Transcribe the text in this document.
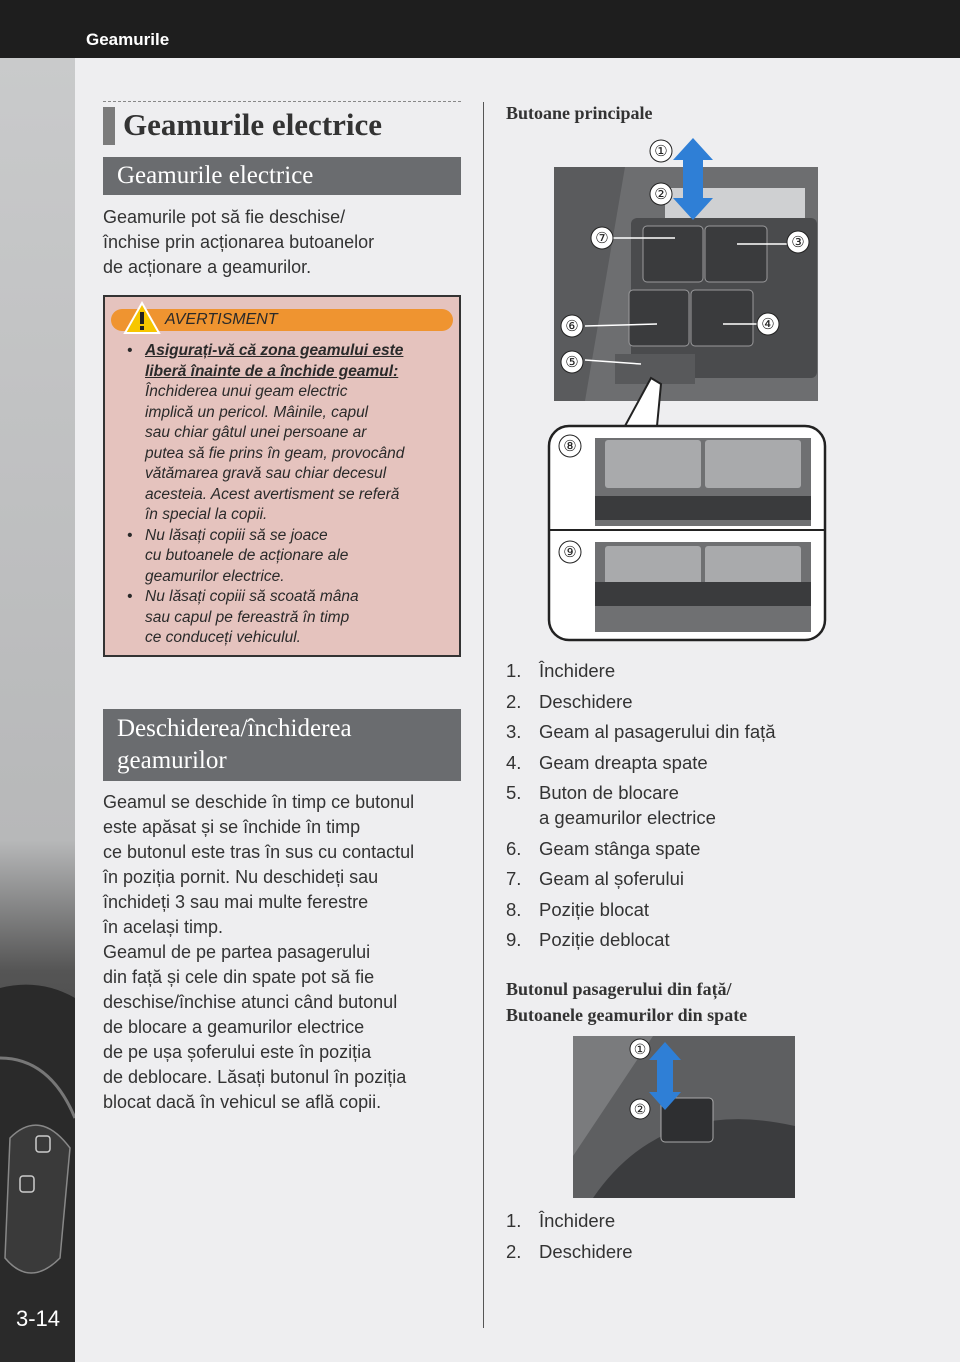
Geamurile
3-14
Geamurile electrice
Geamurile electrice
Geamurile pot să fie deschise/
închise prin acționarea butoanelor
de acționare a geamurilor.
AVERTISMENT
• Asigurați-vă că zona geamului este
liberă înainte de a închide geamul:
Închiderea unui geam electric
implică un pericol. Mâinile, capul
sau chiar gâtul unei persoane ar
putea să fie prins în geam, provocând
vătămarea gravă sau chiar decesul
acesteia. Acest avertisment se referă
în special la copii.
• Nu lăsați copiii să se joace
cu butoanele de acționare ale
geamurilor electrice.
• Nu lăsați copiii să scoată mâna
sau capul pe fereastră în timp
ce conduceți vehiculul.
Deschiderea/închiderea
geamurilor
Geamul se deschide în timp ce butonul
este apăsat și se închide în timp
ce butonul este tras în sus cu contactul
în poziția pornit. Nu deschideți sau
închideți 3 sau mai multe ferestre
în același timp.
Geamul de pe partea pasagerului
din față și cele din spate pot să fie
deschise/închise atunci când butonul
de blocare a geamurilor electrice
de pe ușa șoferului este în poziția
de deblocare. Lăsați butonul în poziția
blocat dacă în vehicul se află copii.
Butoane principale
①
②
⑦	③
⑥	④
⑤
⑧
⑨
1. Închidere
2. Deschidere
3. Geam al pasagerului din față
4. Geam dreapta spate
5. Buton de blocare
a geamurilor electrice
6. Geam stânga spate
7. Geam al șoferului
8. Poziție blocat
9. Poziție deblocat
Butonul pasagerului din față/
Butoanele geamurilor din spate
①
②
1. Închidere
2. Deschidere
